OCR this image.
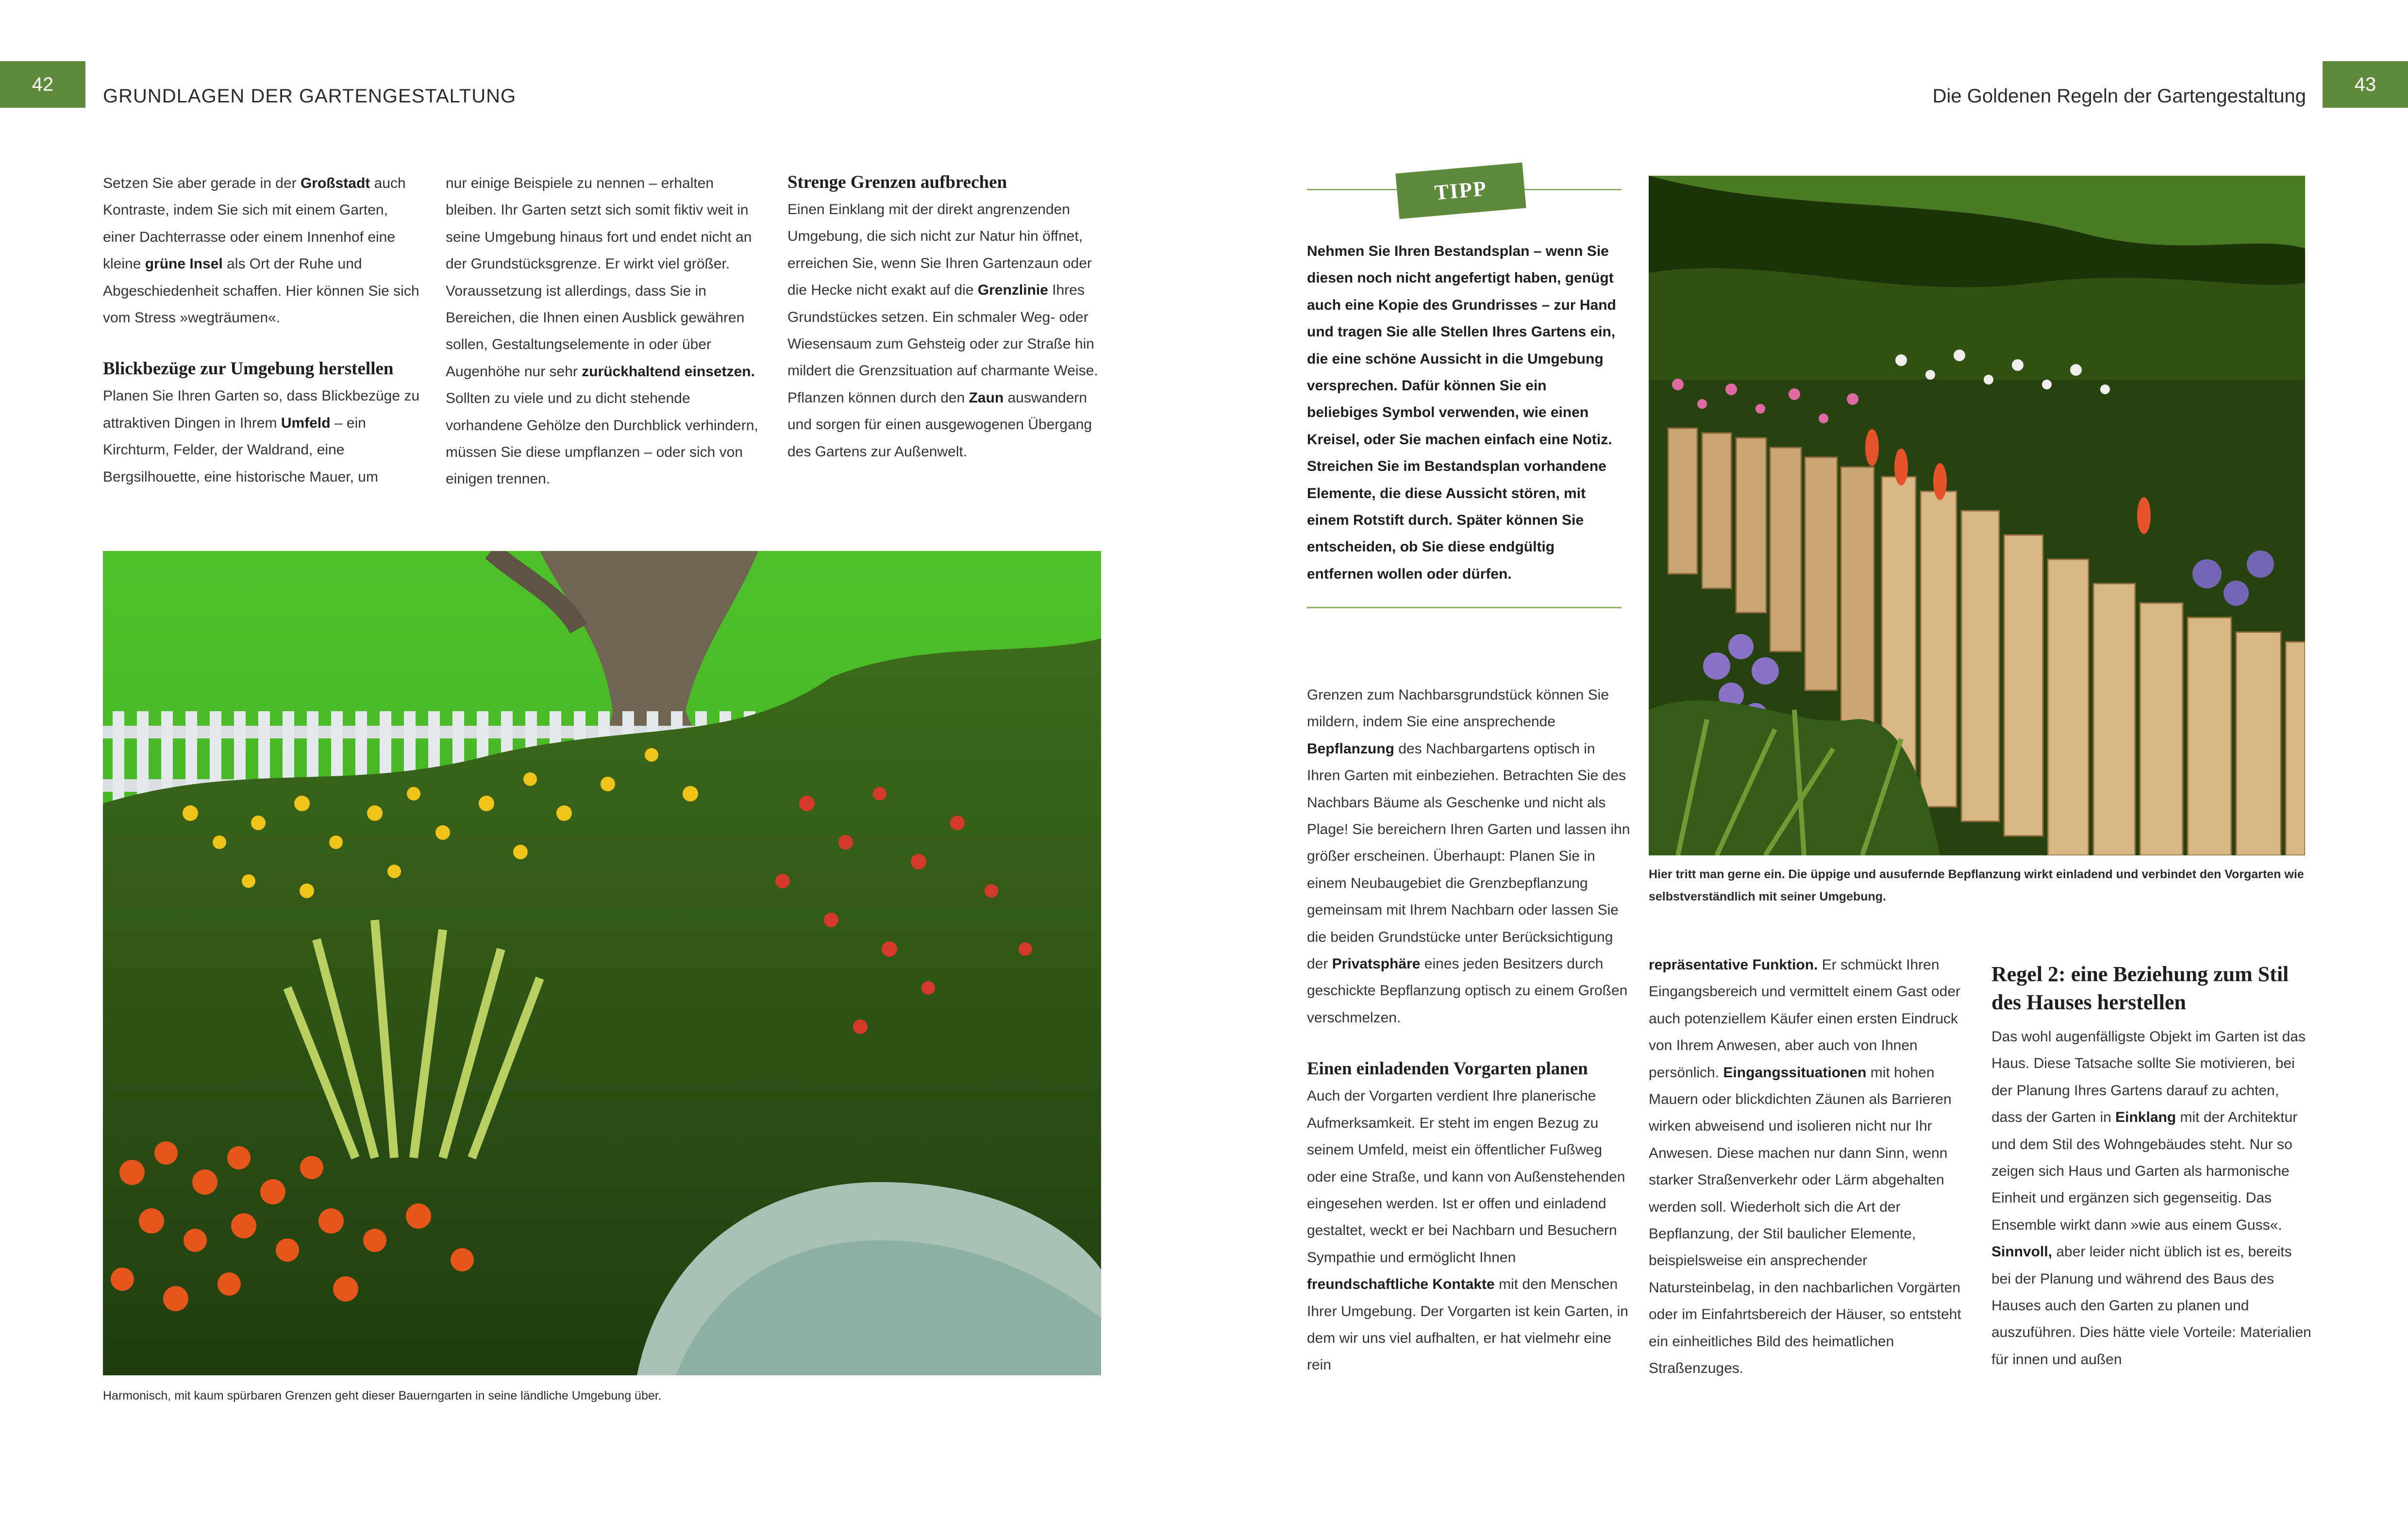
42
GRUNDLAGEN DER GARTENGESTALTUNG

Setzen Sie aber gerade in der Großstadt auch Kontraste, indem Sie sich mit einem Garten, einer Dachterrasse oder einem Innenhof eine kleine grüne Insel als Ort der Ruhe und Abgeschiedenheit schaffen. Hier können Sie sich vom Stress »wegträumen«.

Blickbezüge zur Umgebung herstellen

Planen Sie Ihren Garten so, dass Blickbezüge zu attraktiven Dingen in Ihrem Umfeld – ein Kirchturm, Felder, der Waldrand, eine Bergsilhouette, eine historische Mauer, um

nur einige Beispiele zu nennen – erhalten bleiben. Ihr Garten setzt sich somit fiktiv weit in seine Umgebung hinaus fort und endet nicht an der Grundstücksgrenze. Er wirkt viel größer. Voraussetzung ist allerdings, dass Sie in Bereichen, die Ihnen einen Ausblick gewähren sollen, Gestaltungselemente in oder über Augenhöhe nur sehr zurückhaltend einsetzen. Sollten zu viele und zu dicht stehende vorhandene Gehölze den Durchblick verhindern, müssen Sie diese umpflanzen – oder sich von einigen trennen.

Strenge Grenzen aufbrechen

Einen Einklang mit der direkt angrenzenden Umgebung, die sich nicht zur Natur hin öffnet, erreichen Sie, wenn Sie Ihren Gartenzaun oder die Hecke nicht exakt auf die Grenzlinie Ihres Grundstückes setzen. Ein schmaler Weg- oder Wiesensaum zum Gehsteig oder zur Straße hin mildert die Grenzsituation auf charmante Weise. Pflanzen können durch den Zaun auswandern und sorgen für einen ausgewogenen Übergang des Gartens zur Außenwelt.

Harmonisch, mit kaum spürbaren Grenzen geht dieser Bauerngarten in seine ländliche Umgebung über.
43
Die Goldenen Regeln der Gartengestaltung
TIPP
Nehmen Sie Ihren Bestandsplan – wenn Sie diesen noch nicht angefertigt haben, genügt auch eine Kopie des Grundrisses – zur Hand und tragen Sie alle Stellen Ihres Gartens ein, die eine schöne Aussicht in die Umgebung versprechen. Dafür können Sie ein beliebiges Symbol verwenden, wie einen Kreisel, oder Sie machen einfach eine Notiz. Streichen Sie im Bestandsplan vorhandene Elemente, die diese Aussicht stören, mit einem Rotstift durch. Später können Sie entscheiden, ob Sie diese endgültig entfernen wollen oder dürfen.

Grenzen zum Nachbarsgrundstück können Sie mildern, indem Sie eine ansprechende Bepflanzung des Nachbargartens optisch in Ihren Garten mit einbeziehen. Betrachten Sie des Nachbars Bäume als Geschenke und nicht als Plage! Sie bereichern Ihren Garten und lassen ihn größer erscheinen. Überhaupt: Planen Sie in einem Neubaugebiet die Grenzbepflanzung gemeinsam mit Ihrem Nachbarn oder lassen Sie die beiden Grundstücke unter Berücksichtigung der Privatsphäre eines jeden Besitzers durch geschickte Bepflanzung optisch zu einem Großen verschmelzen.

Einen einladenden Vorgarten planen

Auch der Vorgarten verdient Ihre planerische Aufmerksamkeit. Er steht im engen Bezug zu seinem Umfeld, meist ein öffentlicher Fußweg oder eine Straße, und kann von Außenstehenden eingesehen werden. Ist er offen und einladend gestaltet, weckt er bei Nachbarn und Besuchern Sympathie und ermöglicht Ihnen freundschaftliche Kontakte mit den Menschen Ihrer Umgebung. Der Vorgarten ist kein Garten, in dem wir uns viel aufhalten, er hat vielmehr eine rein

Hier tritt man gerne ein. Die üppige und ausufernde Bepflanzung wirkt einladend und verbindet den Vorgarten wie selbstverständlich mit seiner Umgebung.

repräsentative Funktion. Er schmückt Ihren Eingangsbereich und vermittelt einem Gast oder auch potenziellem Käufer einen ersten Eindruck von Ihrem Anwesen, aber auch von Ihnen persönlich. Eingangssituationen mit hohen Mauern oder blickdichten Zäunen als Barrieren wirken abweisend und isolieren nicht nur Ihr Anwesen. Diese machen nur dann Sinn, wenn starker Straßenverkehr oder Lärm abgehalten werden soll. Wiederholt sich die Art der Bepflanzung, der Stil baulicher Elemente, beispielsweise ein ansprechender Natursteinbelag, in den nachbarlichen Vorgärten oder im Einfahrtsbereich der Häuser, so entsteht ein einheitliches Bild des heimatlichen Straßenzuges.

Regel 2: eine Beziehung zum Stil des Hauses herstellen

Das wohl augenfälligste Objekt im Garten ist das Haus. Diese Tatsache sollte Sie motivieren, bei der Planung Ihres Gartens darauf zu achten, dass der Garten in Einklang mit der Architektur und dem Stil des Wohngebäudes steht. Nur so zeigen sich Haus und Garten als harmonische Einheit und ergänzen sich gegenseitig. Das Ensemble wirkt dann »wie aus einem Guss«. Sinnvoll, aber leider nicht üblich ist es, bereits bei der Planung und während des Baus des Hauses auch den Garten zu planen und auszuführen. Dies hätte viele Vorteile: Materialien für innen und außen
